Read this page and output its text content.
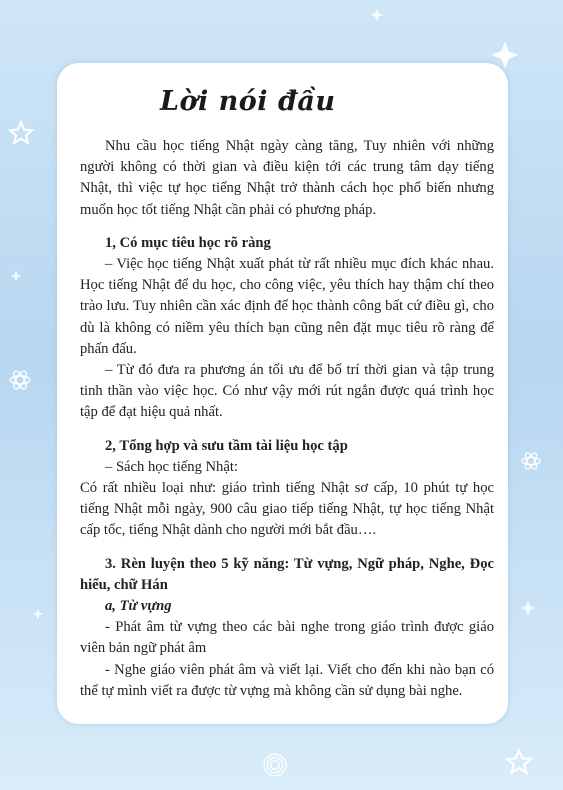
Lời nói đầu

Nhu cầu học tiếng Nhật ngày càng tăng, Tuy nhiên với những người không có thời gian và điều kiện tới các trung tâm dạy tiếng Nhật, thì việc tự học tiếng Nhật trở thành cách học phổ biến nhưng muốn học tốt tiếng Nhật cần phải có phương pháp.

1, Có mục tiêu học rõ ràng

– Việc học tiếng Nhật xuất phát từ rất nhiều mục đích khác nhau. Học tiếng Nhật để du học, cho công việc, yêu thích hay thậm chí theo trào lưu. Tuy nhiên cần xác định để học thành công bất cứ điều gì, cho dù là không có niềm yêu thích bạn cũng nên đặt mục tiêu rõ ràng để phấn đấu.

– Từ đó đưa ra phương án tối ưu để bố trí thời gian và tập trung tinh thần vào việc học. Có như vậy mới rút ngắn được quá trình học tập để đạt hiệu quả nhất.

2, Tổng hợp và sưu tầm tài liệu học tập

– Sách học tiếng Nhật:

Có rất nhiều loại như: giáo trình tiếng Nhật sơ cấp, 10 phút tự học tiếng Nhật mỗi ngày, 900 câu giao tiếp tiếng Nhật, tự học tiếng Nhật cấp tốc, tiếng Nhật dành cho người mới bắt đầu….

3. Rèn luyện theo 5 kỹ năng: Từ vựng, Ngữ pháp, Nghe, Đọc hiểu, chữ Hán

a, Từ vựng

- Phát âm từ vựng theo các bài nghe trong giáo trình được giáo viên bản ngữ phát âm

- Nghe giáo viên phát âm và viết lại. Viết cho đến khi nào bạn có thể tự mình viết ra được từ vựng mà không cần sử dụng bài nghe.
